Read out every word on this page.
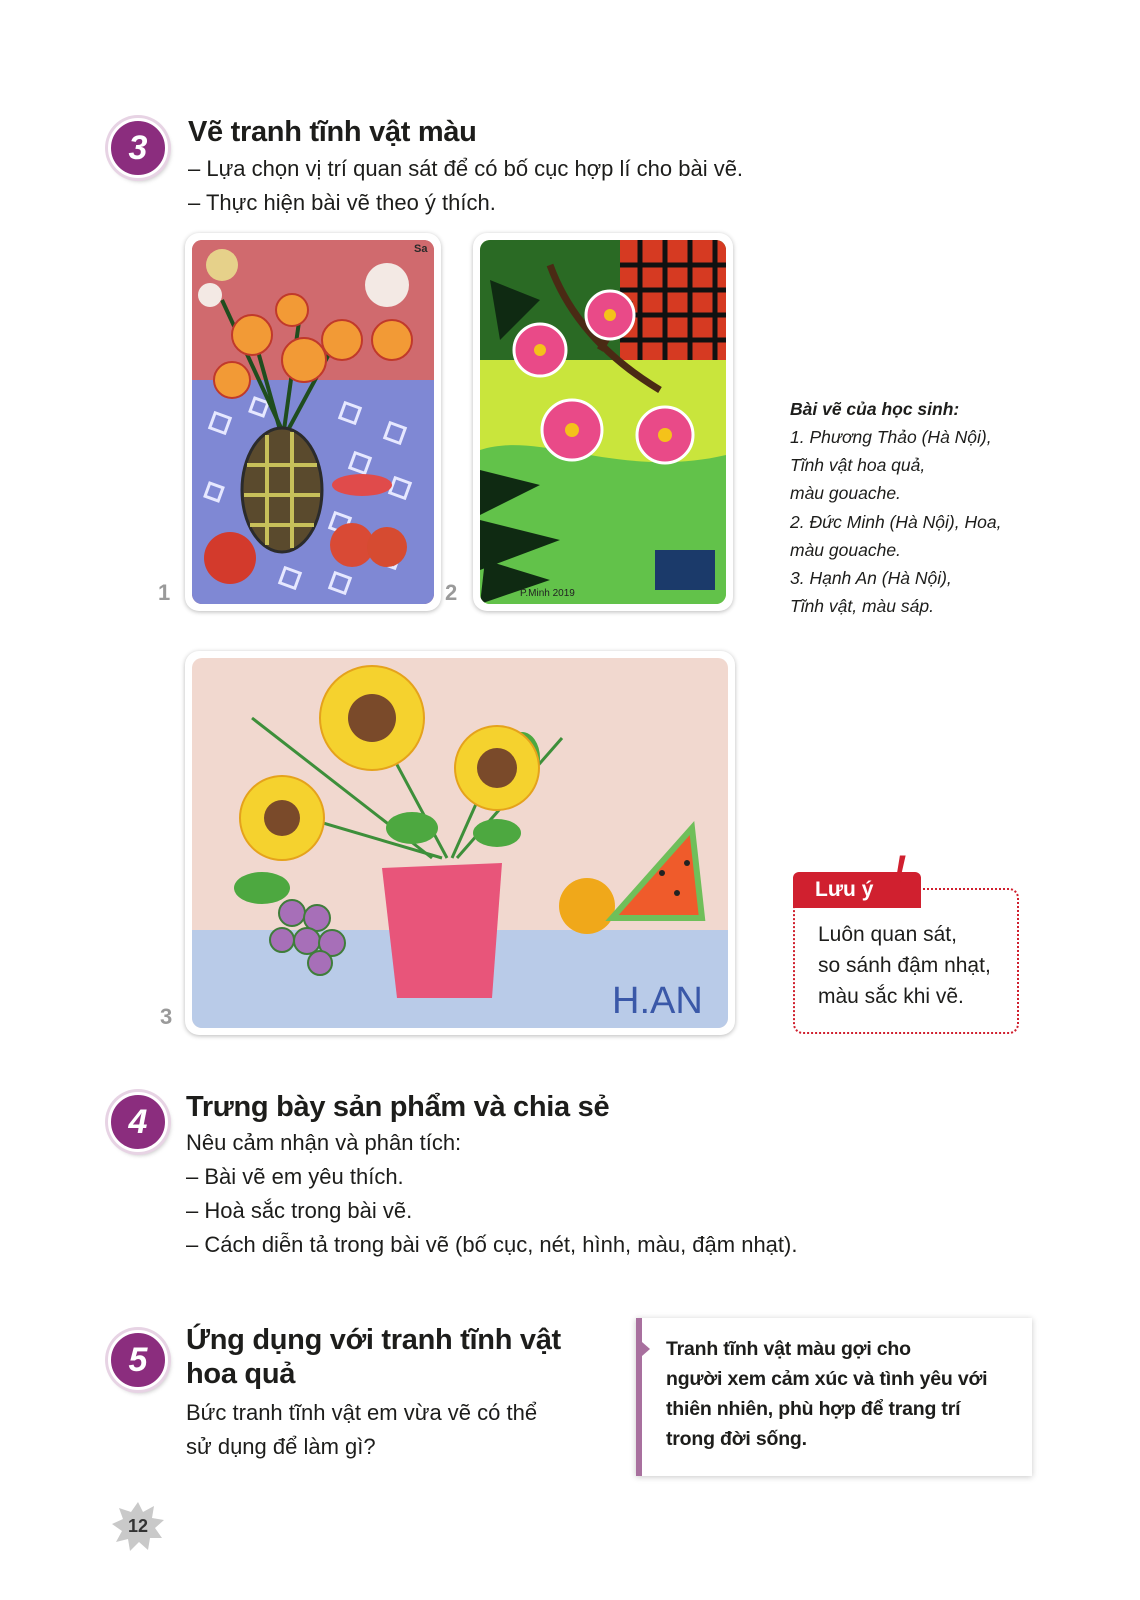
3	Vẽ tranh tĩnh vật màu
– Lựa chọn vị trí quan sát để có bố cục hợp lí cho bài vẽ.
– Thực hiện bài vẽ theo ý thích.
Sa
1	P.Minh 2019
2
Bài vẽ của học sinh:
1. Phương Thảo (Hà Nội),
Tĩnh vật hoa quả,
màu gouache.
2. Đức Minh (Hà Nội), Hoa,
màu gouache.
3. Hạnh An (Hà Nội),
Tĩnh vật, màu sáp.
H.AN
3
Lưu ý !
Luôn quan sát,
so sánh đậm nhạt,
màu sắc khi vẽ.
4	Trưng bày sản phẩm và chia sẻ
Nêu cảm nhận và phân tích:
– Bài vẽ em yêu thích.
– Hoà sắc trong bài vẽ.
– Cách diễn tả trong bài vẽ (bố cục, nét, hình, màu, đậm nhạt).
5
Ứng dụng với tranh tĩnh vật
hoa quả
Bức tranh tĩnh vật em vừa vẽ có thể
sử dụng để làm gì?
Tranh tĩnh vật màu gợi cho
người xem cảm xúc và tình yêu với
thiên nhiên, phù hợp để trang trí
trong đời sống.
12
